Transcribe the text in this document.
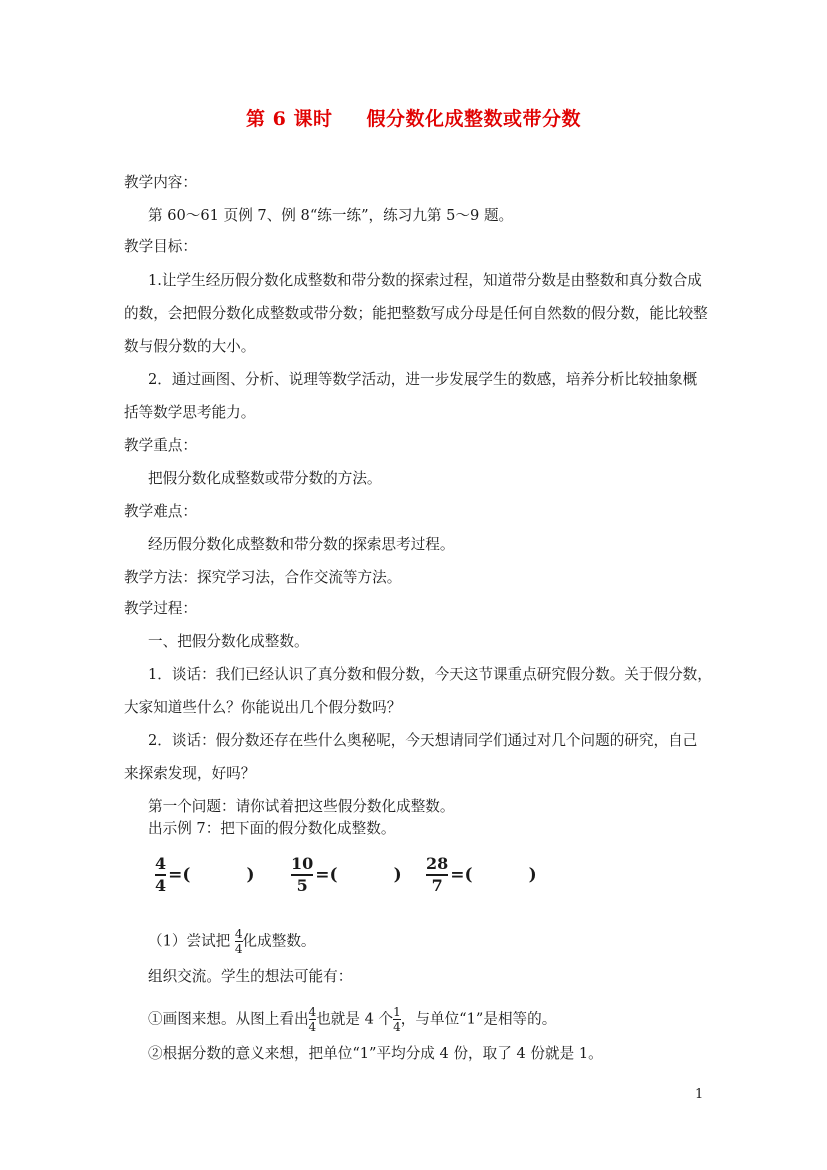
第 6 课时 假分数化成整数或带分数
教学内容：
第 60～61 页例 7、例 8“练一练”，练习九第 5～9 题。
教学目标：
1.让学生经历假分数化成整数和带分数的探索过程，知道带分数是由整数和真分数合成
的数，会把假分数化成整数或带分数；能把整数写成分母是任何自然数的假分数，能比较整
数与假分数的大小。
2．通过画图、分析、说理等数学活动，进一步发展学生的数感，培养分析比较抽象概
括等数学思考能力。
教学重点：
把假分数化成整数或带分数的方法。
教学难点：
经历假分数化成整数和带分数的探索思考过程。
教学方法：探究学习法，合作交流等方法。
教学过程：
一、把假分数化成整数。
1．谈话：我们已经认识了真分数和假分数，今天这节课重点研究假分数。关于假分数，
大家知道些什么？你能说出几个假分数吗？
2．谈话：假分数还存在些什么奥秘呢，今天想请同学们通过对几个问题的研究，自己
来探索发现，好吗？
第一个问题：请你试着把这些假分数化成整数。
出示例 7：把下面的假分数化成整数。
$\frac{4}{4}$ =(	) $\frac{10}{5}$ =(	) $\frac{28}{7}$ =(	)
（1）尝试把 $\frac{4}{4}$ 化成整数。
组织交流。学生的想法可能有：
①画图来想。从图上看出 $\frac{4}{4}$ 也就是 4 个 $\frac{1}{4}$ ，与单位“1”是相等的。
②根据分数的意义来想，把单位“1”平均分成 4 份，取了 4 份就是 1。
1
